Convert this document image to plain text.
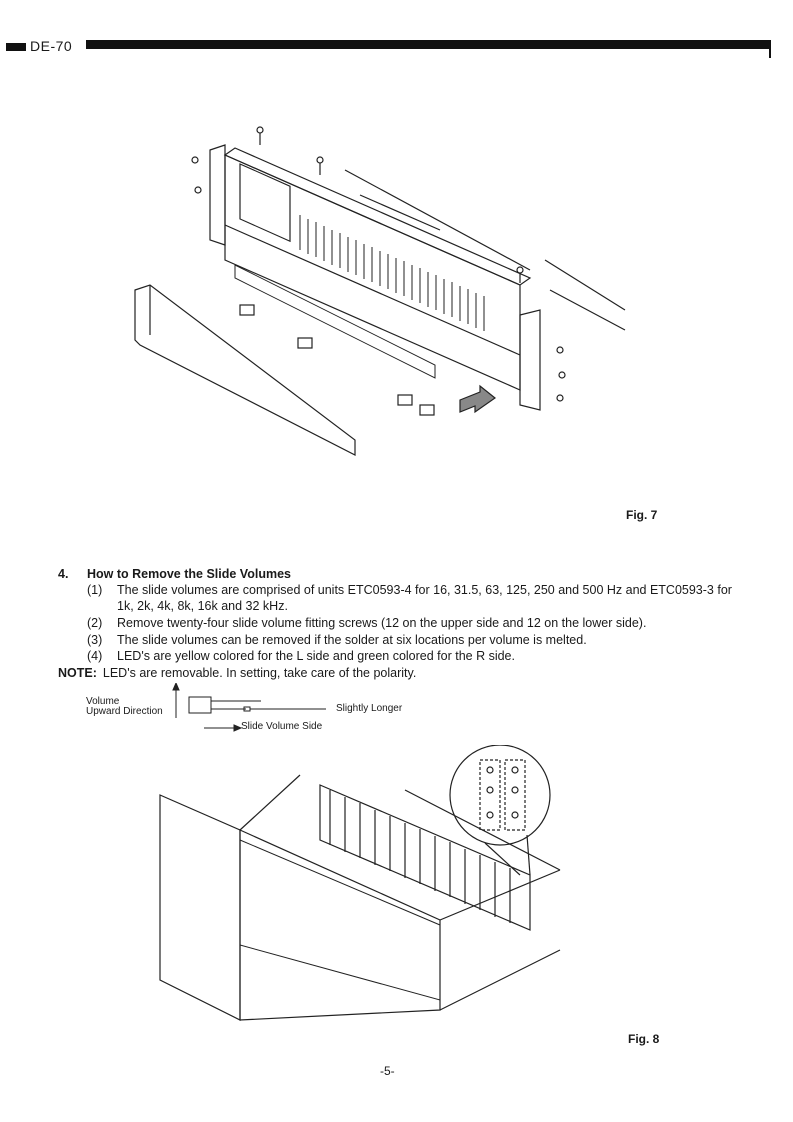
DE-70
Fig. 7
4. How to Remove the Slide Volumes
(1) The slide volumes are comprised of units ETC0593-4 for 16, 31.5, 63, 125, 250 and 500 Hz and ETC0593-3 for 1k, 2k, 4k, 8k, 16k and 32 kHz.
(2) Remove twenty-four slide volume fitting screws (12 on the upper side and 12 on the lower side).
(3) The slide volumes can be removed if the solder at six locations per volume is melted.
(4) LED's are yellow colored for the L side and green colored for the R side.
NOTE: LED's are removable. In setting, take care of the polarity.
Volume
Upward Direction	Slightly Longer
Slide Volume Side
Fig. 8
-5-
